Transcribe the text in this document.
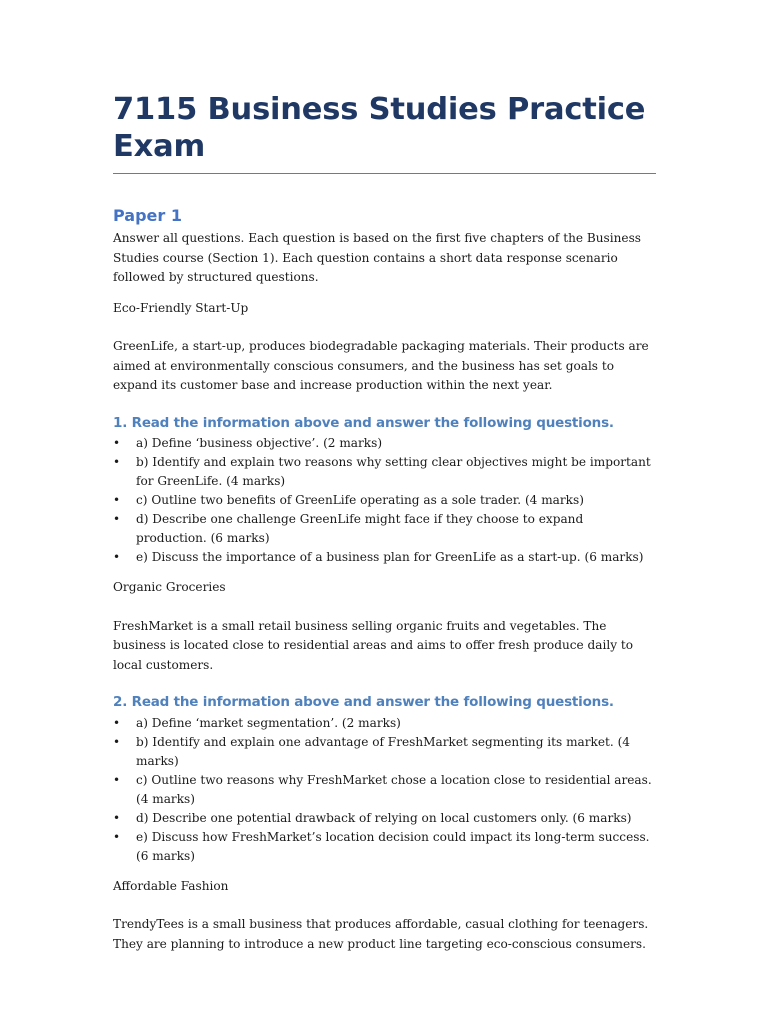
7115 Business Studies Practice Exam
Paper 1

Answer all questions. Each question is based on the first five chapters of the Business Studies course (Section 1). Each question contains a short data response scenario followed by structured questions.

Eco-Friendly Start-Up

GreenLife, a start-up, produces biodegradable packaging materials. Their products are aimed at environmentally conscious consumers, and the business has set goals to expand its customer base and increase production within the next year.

1. Read the information above and answer the following questions.
• a) Define ‘business objective’. (2 marks)
• b) Identify and explain two reasons why setting clear objectives might be important for GreenLife. (4 marks)
• c) Outline two benefits of GreenLife operating as a sole trader. (4 marks)
• d) Describe one challenge GreenLife might face if they choose to expand production. (6 marks)
• e) Discuss the importance of a business plan for GreenLife as a start-up. (6 marks)

Organic Groceries

FreshMarket is a small retail business selling organic fruits and vegetables. The business is located close to residential areas and aims to offer fresh produce daily to local customers.

2. Read the information above and answer the following questions.
• a) Define ‘market segmentation’. (2 marks)
• b) Identify and explain one advantage of FreshMarket segmenting its market. (4 marks)
• c) Outline two reasons why FreshMarket chose a location close to residential areas. (4 marks)
• d) Describe one potential drawback of relying on local customers only. (6 marks)
• e) Discuss how FreshMarket’s location decision could impact its long-term success. (6 marks)

Affordable Fashion

TrendyTees is a small business that produces affordable, casual clothing for teenagers. They are planning to introduce a new product line targeting eco-conscious consumers.
